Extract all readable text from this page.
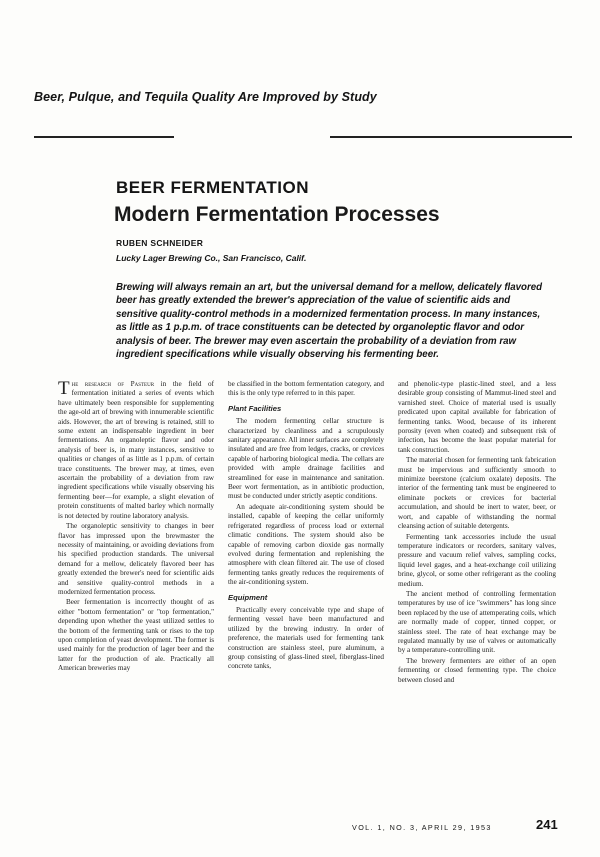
Beer, Pulque, and Tequila Quality Are Improved by Study
BEER FERMENTATION
Modern Fermentation Processes
RUBEN SCHNEIDER
Lucky Lager Brewing Co., San Francisco, Calif.
Brewing will always remain an art, but the universal demand for a mellow, delicately flavored beer has greatly extended the brewer's appreciation of the value of scientific aids and sensitive quality-control methods in a modernized fermentation process. In many instances, as little as 1 p.p.m. of trace constituents can be detected by organoleptic flavor and odor analysis of beer. The brewer may even ascertain the probability of a deviation from raw ingredient specifications while visually observing his fermenting beer.

The research of Pasteur in the field of fermentation initiated a series of events which have ultimately been responsible for supplementing the age-old art of brewing with innumerable scientific aids. However, the art of brewing is retained, still to some extent an indispensable ingredient in beer fermentations. An organoleptic flavor and odor analysis of beer is, in many instances, sensitive to qualities or changes of as little as 1 p.p.m. of certain trace constituents. The brewer may, at times, even ascertain the probability of a deviation from raw ingredient specifications while visually observing his fermenting beer—for example, a slight elevation of protein constituents of malted barley which normally is not detected by routine laboratory analysis.

The organoleptic sensitivity to changes in beer flavor has impressed upon the brewmaster the necessity of maintaining, or avoiding deviations from his specified production standards. The universal demand for a mellow, delicately flavored beer has greatly extended the brewer's need for scientific aids and sensitive quality-control methods in a modernized fermentation process.

Beer fermentation is incorrectly thought of as either "bottom fermentation" or "top fermentation," depending upon whether the yeast utilized settles to the bottom of the fermenting tank or rises to the top upon completion of yeast development. The former is used mainly for the production of lager beer and the latter for the production of ale. Practically all American breweries may

be classified in the bottom fermentation category, and this is the only type referred to in this paper.

Plant Facilities

The modern fermenting cellar structure is characterized by cleanliness and a scrupulously sanitary appearance. All inner surfaces are completely insulated and are free from ledges, cracks, or crevices capable of harboring biological media. The cellars are provided with ample drainage facilities and streamlined for ease in maintenance and sanitation. Beer wort fermentation, as in antibiotic production, must be conducted under strictly aseptic conditions.

An adequate air-conditioning system should be installed, capable of keeping the cellar uniformly refrigerated regardless of process load or external climatic conditions. The system should also be capable of removing carbon dioxide gas normally evolved during fermentation and replenishing the atmosphere with clean filtered air. The use of closed fermenting tanks greatly reduces the requirements of the air-conditioning system.

Equipment

Practically every conceivable type and shape of fermenting vessel have been manufactured and utilized by the brewing industry. In order of preference, the materials used for fermenting tank construction are stainless steel, pure aluminum, a group consisting of glass-lined steel, fiberglass-lined concrete tanks,

and phenolic-type plastic-lined steel, and a less desirable group consisting of Mammut-lined steel and varnished steel. Choice of material used is usually predicated upon capital available for fabrication of fermenting tanks. Wood, because of its inherent porosity (even when coated) and subsequent risk of infection, has become the least popular material for tank construction.

The material chosen for fermenting tank fabrication must be impervious and sufficiently smooth to minimize beerstone (calcium oxalate) deposits. The interior of the fermenting tank must be engineered to eliminate pockets or crevices for bacterial accumulation, and should be inert to water, beer, or wort, and capable of withstanding the normal cleansing action of suitable detergents.

Fermenting tank accessories include the usual temperature indicators or recorders, sanitary valves, pressure and vacuum relief valves, sampling cocks, liquid level gages, and a heat-exchange coil utilizing brine, glycol, or some other refrigerant as the cooling medium.

The ancient method of controlling fermentation temperatures by use of ice "swimmers" has long since been replaced by the use of attemperating coils, which are normally made of copper, tinned copper, or stainless steel. The rate of heat exchange may be regulated manually by use of valves or automatically by a temperature-controlling unit.

The brewery fermenters are either of an open fermenting or closed fermenting type. The choice between closed and

VOL. 1, NO. 3, APRIL 29, 1953	241
